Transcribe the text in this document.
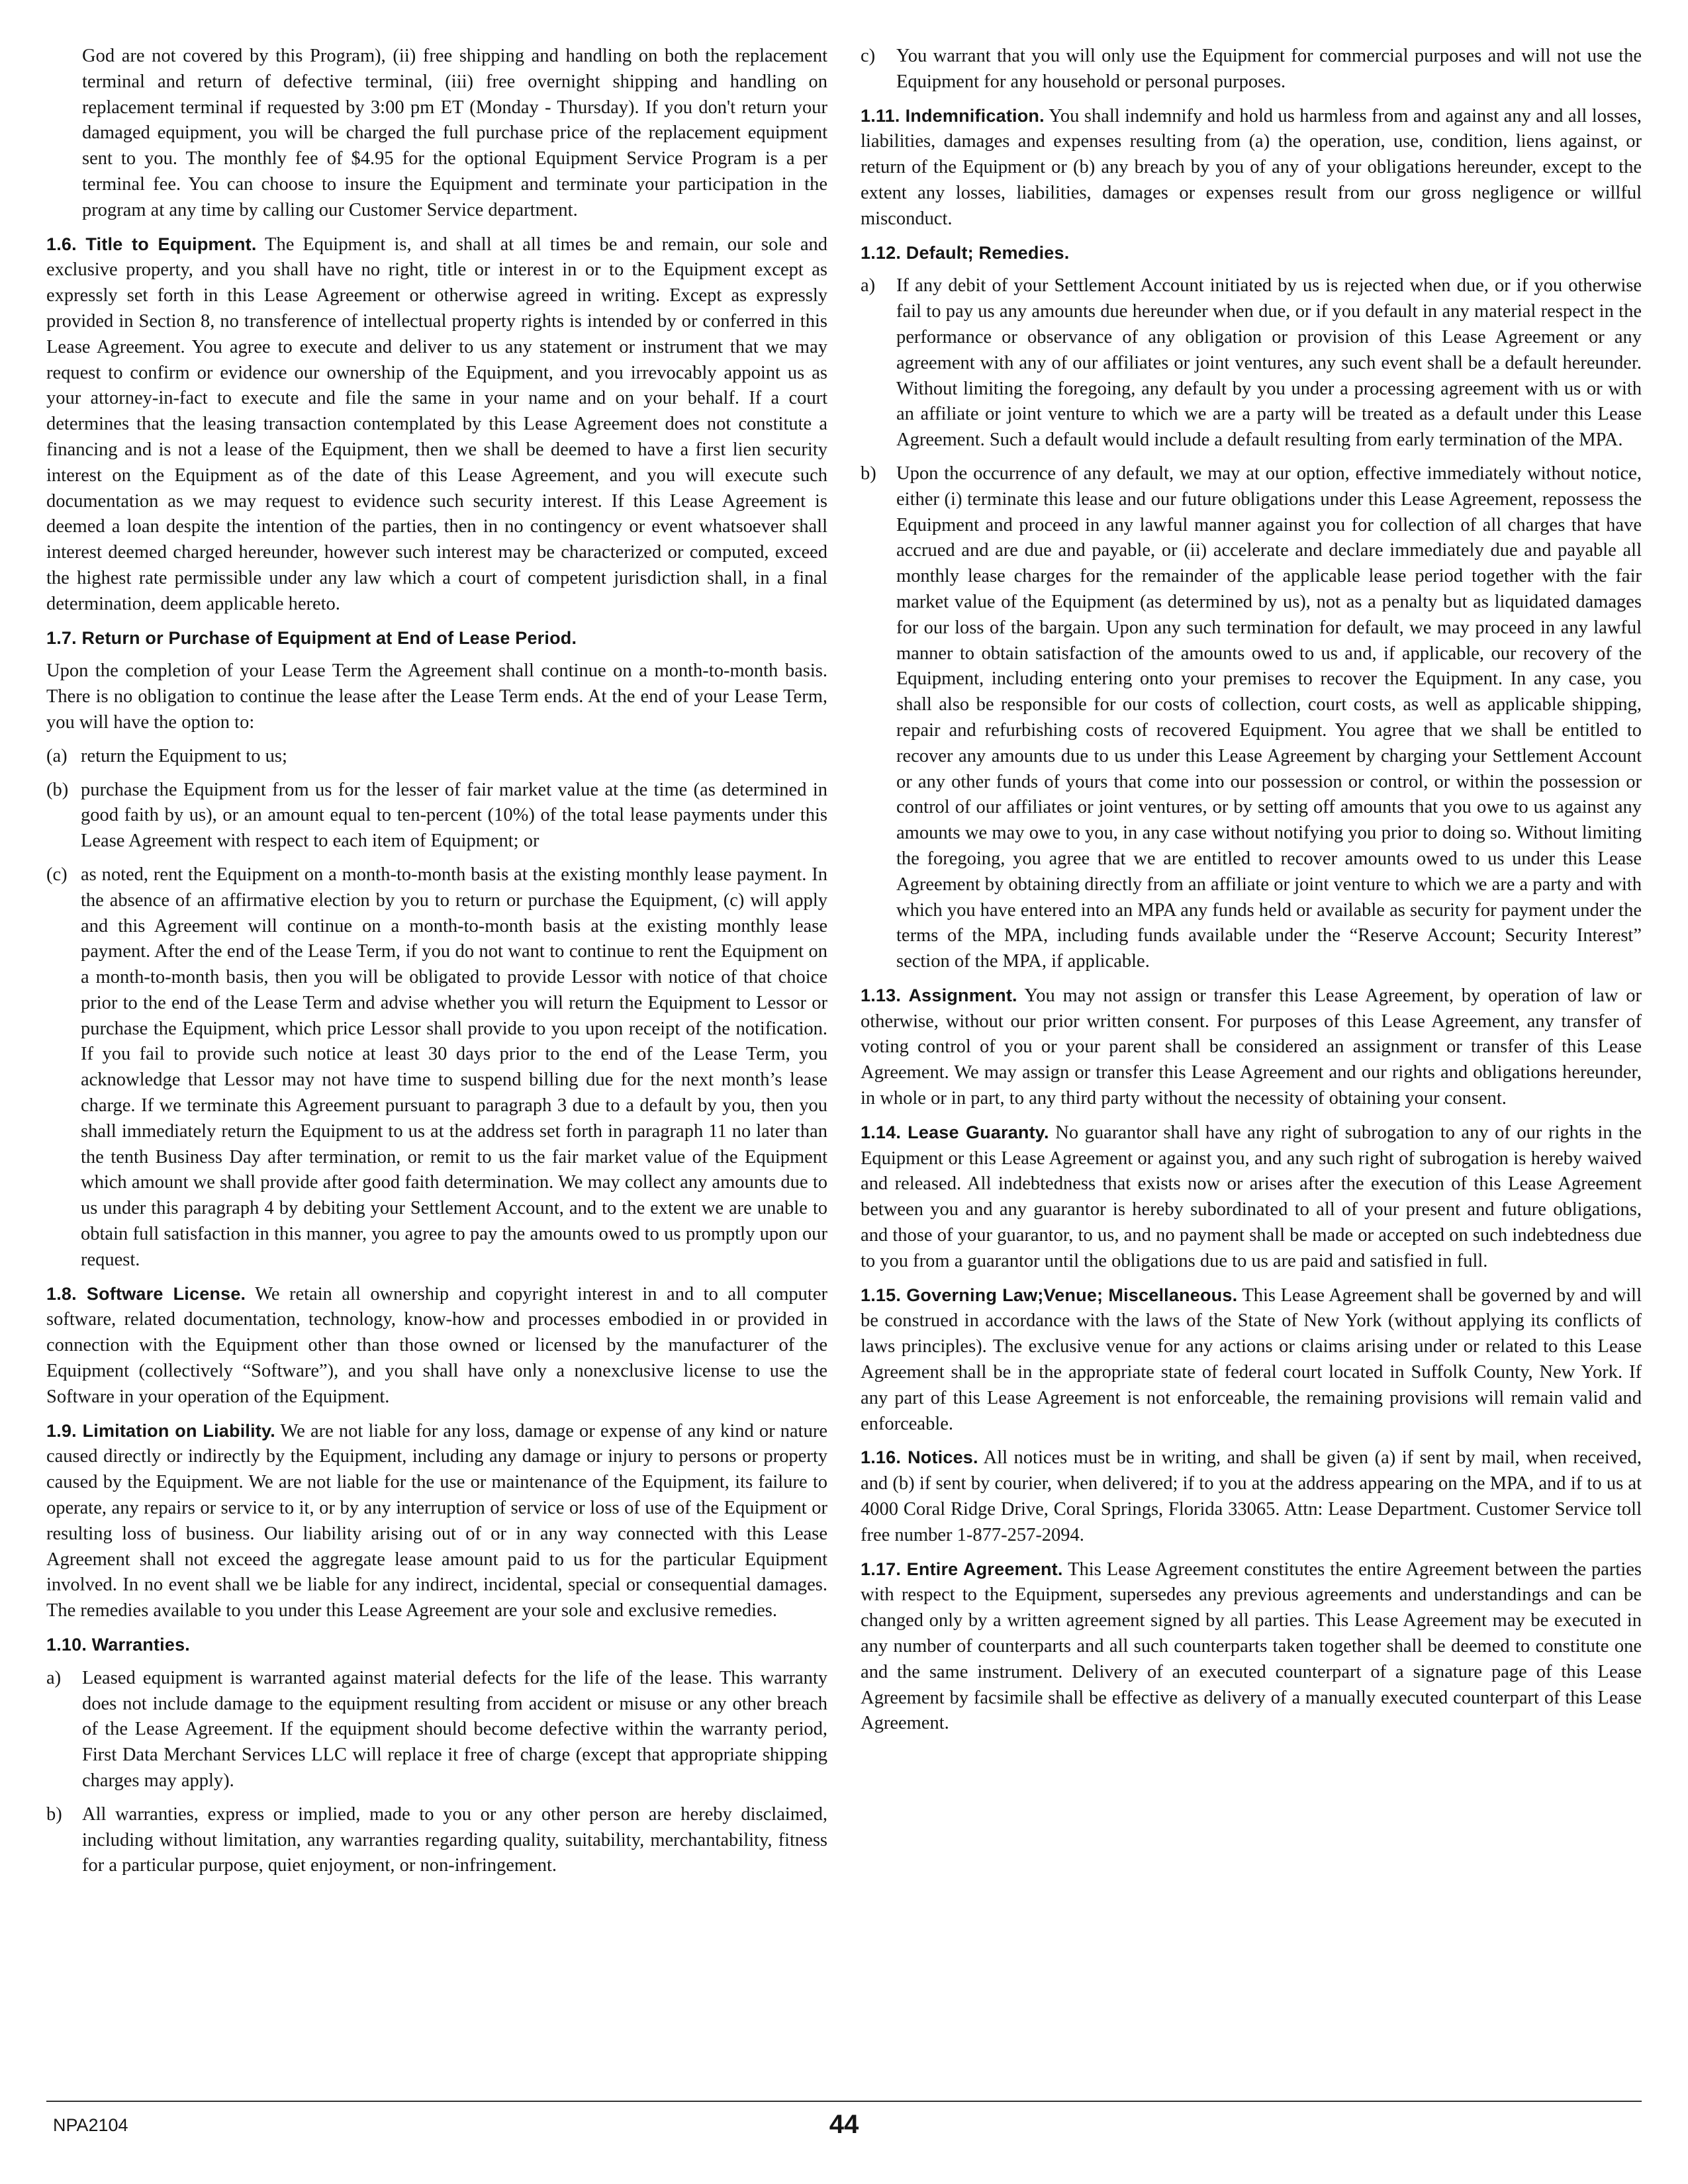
God are not covered by this Program), (ii) free shipping and handling on both the replacement terminal and return of defective terminal, (iii) free overnight shipping and handling on replacement terminal if requested by 3:00 pm ET (Monday - Thursday). If you don't return your damaged equipment, you will be charged the full purchase price of the replacement equipment sent to you. The monthly fee of $4.95 for the optional Equipment Service Program is a per terminal fee. You can choose to insure the Equipment and terminate your participation in the program at any time by calling our Customer Service department.

1.6. Title to Equipment. The Equipment is, and shall at all times be and remain, our sole and exclusive property, and you shall have no right, title or interest in or to the Equipment except as expressly set forth in this Lease Agreement or otherwise agreed in writing. Except as expressly provided in Section 8, no transference of intellectual property rights is intended by or conferred in this Lease Agreement. You agree to execute and deliver to us any statement or instrument that we may request to confirm or evidence our ownership of the Equipment, and you irrevocably appoint us as your attorney-in-fact to execute and file the same in your name and on your behalf. If a court determines that the leasing transaction contemplated by this Lease Agreement does not constitute a financing and is not a lease of the Equipment, then we shall be deemed to have a first lien security interest on the Equipment as of the date of this Lease Agreement, and you will execute such documentation as we may request to evidence such security interest. If this Lease Agreement is deemed a loan despite the intention of the parties, then in no contingency or event whatsoever shall interest deemed charged hereunder, however such interest may be characterized or computed, exceed the highest rate permissible under any law which a court of competent jurisdiction shall, in a final determination, deem applicable hereto.

1.7. Return or Purchase of Equipment at End of Lease Period.

Upon the completion of your Lease Term the Agreement shall continue on a month-to-month basis. There is no obligation to continue the lease after the Lease Term ends. At the end of your Lease Term, you will have the option to:

(a) return the Equipment to us;
(b) purchase the Equipment from us for the lesser of fair market value at the time (as determined in good faith by us), or an amount equal to ten-percent (10%) of the total lease payments under this Lease Agreement with respect to each item of Equipment; or
(c) as noted, rent the Equipment on a month-to-month basis at the existing monthly lease payment. In the absence of an affirmative election by you to return or purchase the Equipment, (c) will apply and this Agreement will continue on a month-to-month basis at the existing monthly lease payment. After the end of the Lease Term, if you do not want to continue to rent the Equipment on a month-to-month basis, then you will be obligated to provide Lessor with notice of that choice prior to the end of the Lease Term and advise whether you will return the Equipment to Lessor or purchase the Equipment, which price Lessor shall provide to you upon receipt of the notification. If you fail to provide such notice at least 30 days prior to the end of the Lease Term, you acknowledge that Lessor may not have time to suspend billing due for the next month’s lease charge. If we terminate this Agreement pursuant to paragraph 3 due to a default by you, then you shall immediately return the Equipment to us at the address set forth in paragraph 11 no later than the tenth Business Day after termination, or remit to us the fair market value of the Equipment which amount we shall provide after good faith determination. We may collect any amounts due to us under this paragraph 4 by debiting your Settlement Account, and to the extent we are unable to obtain full satisfaction in this manner, you agree to pay the amounts owed to us promptly upon our request.

1.8. Software License. We retain all ownership and copyright interest in and to all computer software, related documentation, technology, know-how and processes embodied in or provided in connection with the Equipment other than those owned or licensed by the manufacturer of the Equipment (collectively “Software”), and you shall have only a nonexclusive license to use the Software in your operation of the Equipment.

1.9. Limitation on Liability. We are not liable for any loss, damage or expense of any kind or nature caused directly or indirectly by the Equipment, including any damage or injury to persons or property caused by the Equipment. We are not liable for the use or maintenance of the Equipment, its failure to operate, any repairs or service to it, or by any interruption of service or loss of use of the Equipment or resulting loss of business. Our liability arising out of or in any way connected with this Lease Agreement shall not exceed the aggregate lease amount paid to us for the particular Equipment involved. In no event shall we be liable for any indirect, incidental, special or consequential damages. The remedies available to you under this Lease Agreement are your sole and exclusive remedies.

1.10. Warranties.
a)	Leased equipment is warranted against material defects for the life of the lease. This warranty does not include damage to the equipment resulting from accident or misuse or any other breach of the Lease Agreement. If the equipment should become defective within the warranty period, First Data Merchant Services LLC will replace it free of charge (except that appropriate shipping charges may apply).
b)	All warranties, express or implied, made to you or any other person are hereby disclaimed, including without limitation, any warranties regarding quality, suitability, merchantability, fitness for a particular purpose, quiet enjoyment, or non-infringement.
c)	You warrant that you will only use the Equipment for commercial purposes and will not use the Equipment for any household or personal purposes.

1.11. Indemnification. You shall indemnify and hold us harmless from and against any and all losses, liabilities, damages and expenses resulting from (a) the operation, use, condition, liens against, or return of the Equipment or (b) any breach by you of any of your obligations hereunder, except to the extent any losses, liabilities, damages or expenses result from our gross negligence or willful misconduct.

1.12. Default; Remedies.
a)	If any debit of your Settlement Account initiated by us is rejected when due, or if you otherwise fail to pay us any amounts due hereunder when due, or if you default in any material respect in the performance or observance of any obligation or provision of this Lease Agreement or any agreement with any of our affiliates or joint ventures, any such event shall be a default hereunder. Without limiting the foregoing, any default by you under a processing agreement with us or with an affiliate or joint venture to which we are a party will be treated as a default under this Lease Agreement. Such a default would include a default resulting from early termination of the MPA.
b)	Upon the occurrence of any default, we may at our option, effective immediately without notice, either (i) terminate this lease and our future obligations under this Lease Agreement, repossess the Equipment and proceed in any lawful manner against you for collection of all charges that have accrued and are due and payable, or (ii) accelerate and declare immediately due and payable all monthly lease charges for the remainder of the applicable lease period together with the fair market value of the Equipment (as determined by us), not as a penalty but as liquidated damages for our loss of the bargain. Upon any such termination for default, we may proceed in any lawful manner to obtain satisfaction of the amounts owed to us and, if applicable, our recovery of the Equipment, including entering onto your premises to recover the Equipment. In any case, you shall also be responsible for our costs of collection, court costs, as well as applicable shipping, repair and refurbishing costs of recovered Equipment. You agree that we shall be entitled to recover any amounts due to us under this Lease Agreement by charging your Settlement Account or any other funds of yours that come into our possession or control, or within the possession or control of our affiliates or joint ventures, or by setting off amounts that you owe to us against any amounts we may owe to you, in any case without notifying you prior to doing so. Without limiting the foregoing, you agree that we are entitled to recover amounts owed to us under this Lease Agreement by obtaining directly from an affiliate or joint venture to which we are a party and with which you have entered into an MPA any funds held or available as security for payment under the terms of the MPA, including funds available under the “Reserve Account; Security Interest” section of the MPA, if applicable.

1.13. Assignment. You may not assign or transfer this Lease Agreement, by operation of law or otherwise, without our prior written consent. For purposes of this Lease Agreement, any transfer of voting control of you or your parent shall be considered an assignment or transfer of this Lease Agreement. We may assign or transfer this Lease Agreement and our rights and obligations hereunder, in whole or in part, to any third party without the necessity of obtaining your consent.

1.14. Lease Guaranty. No guarantor shall have any right of subrogation to any of our rights in the Equipment or this Lease Agreement or against you, and any such right of subrogation is hereby waived and released. All indebtedness that exists now or arises after the execution of this Lease Agreement between you and any guarantor is hereby subordinated to all of your present and future obligations, and those of your guarantor, to us, and no payment shall be made or accepted on such indebtedness due to you from a guarantor until the obligations due to us are paid and satisfied in full.

1.15. Governing Law;Venue; Miscellaneous. This Lease Agreement shall be governed by and will be construed in accordance with the laws of the State of New York (without applying its conflicts of laws principles). The exclusive venue for any actions or claims arising under or related to this Lease Agreement shall be in the appropriate state of federal court located in Suffolk County, New York. If any part of this Lease Agreement is not enforceable, the remaining provisions will remain valid and enforceable.

1.16. Notices. All notices must be in writing, and shall be given (a) if sent by mail, when received, and (b) if sent by courier, when delivered; if to you at the address appearing on the MPA, and if to us at 4000 Coral Ridge Drive, Coral Springs, Florida 33065. Attn: Lease Department. Customer Service toll free number 1-877-257-2094.

1.17. Entire Agreement. This Lease Agreement constitutes the entire Agreement between the parties with respect to the Equipment, supersedes any previous agreements and understandings and can be changed only by a written agreement signed by all parties. This Lease Agreement may be executed in any number of counterparts and all such counterparts taken together shall be deemed to constitute one and the same instrument. Delivery of an executed counterpart of a signature page of this Lease Agreement by facsimile shall be effective as delivery of a manually executed counterpart of this Lease Agreement.

NPA2104	44
